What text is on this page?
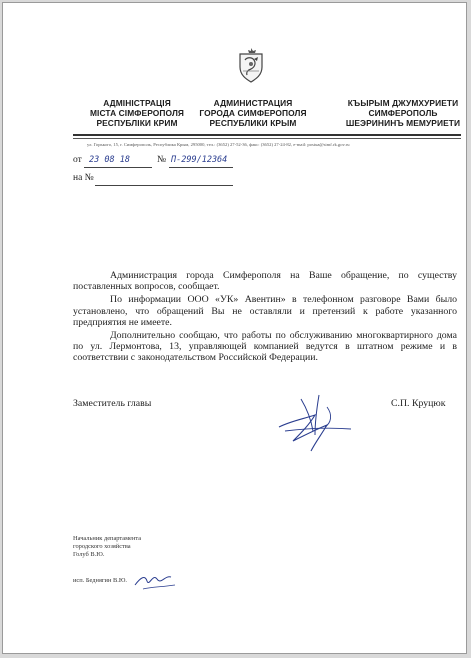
АДМІНІСТРАЦІЯ
МІСТА СІМФЕРОПОЛЯ
РЕСПУБЛІКИ КРИМ
АДМИНИСТРАЦИЯ
ГОРОДА СИМФЕРОПОЛЯ
РЕСПУБЛИКИ КРЫМ
КЪЫРЫМ ДЖУМХУРИЕТИ
СИМФЕРОПОЛЬ
ШЕЭРИНИНЪ МЕМУРИЕТИ
ул. Горького, 15, г. Симферополь, Республика Крым, 295000, тел.: (3652) 27-52-36, факс: (3652) 27-24-82, e-mail: postua@simf.rk.gov.ru
от 23 08 18	№ П-299/12364
на №

Администрация города Симферополя на Ваше обращение, по существу поставленных вопросов, сообщает.

По информации ООО «УК» Авентин» в телефонном разговоре Вами было установлено, что обращений Вы не оставляли и претензий к работе указанного предприятия не имеете.

Дополнительно сообщаю, что работы по обслуживанию многоквартирного дома по ул. Лермонтова, 13, управляющей компанией ведутся в штатном режиме и в соответствии с законодательством Российской Федерации.

Заместитель главы	С.П. Круцюк
Начальник департамента
городского хозяйства
Голуб В.Ю.
исп. Беднягин В.Ю.
